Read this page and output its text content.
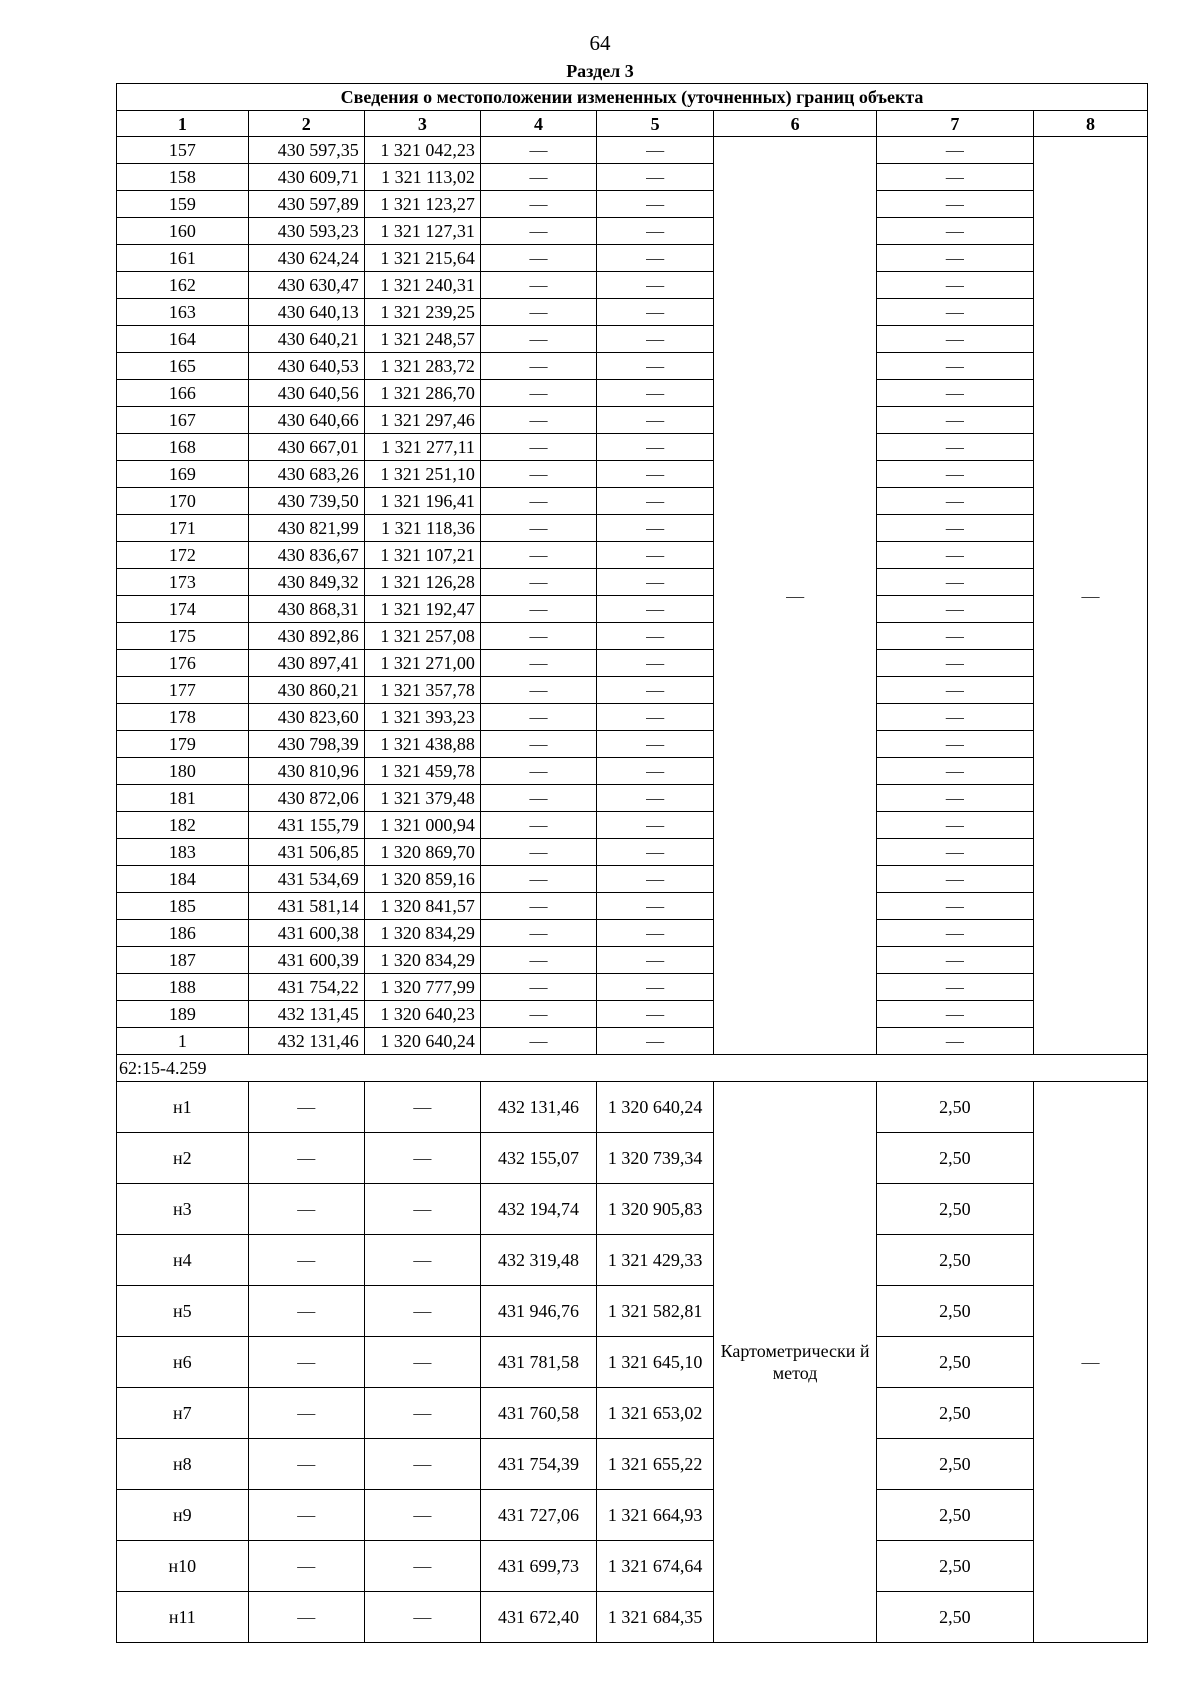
64
Раздел 3
Сведения о местоположении измененных (уточненных) границ объекта							
1	2	3	4	5	6	7	8
157	430 597,35	1 321 042,23	—	—	—	—	—
158	430 609,71	1 321 113,02	—	—		—	
159	430 597,89	1 321 123,27	—	—		—	
160	430 593,23	1 321 127,31	—	—		—	
161	430 624,24	1 321 215,64	—	—		—	
162	430 630,47	1 321 240,31	—	—		—	
163	430 640,13	1 321 239,25	—	—		—	
164	430 640,21	1 321 248,57	—	—		—	
165	430 640,53	1 321 283,72	—	—		—	
166	430 640,56	1 321 286,70	—	—		—	
167	430 640,66	1 321 297,46	—	—		—	
168	430 667,01	1 321 277,11	—	—		—	
169	430 683,26	1 321 251,10	—	—		—	
170	430 739,50	1 321 196,41	—	—		—	
171	430 821,99	1 321 118,36	—	—		—	
172	430 836,67	1 321 107,21	—	—		—	
173	430 849,32	1 321 126,28	—	—		—	
174	430 868,31	1 321 192,47	—	—		—	
175	430 892,86	1 321 257,08	—	—		—	
176	430 897,41	1 321 271,00	—	—		—	
177	430 860,21	1 321 357,78	—	—		—	
178	430 823,60	1 321 393,23	—	—		—	
179	430 798,39	1 321 438,88	—	—		—	
180	430 810,96	1 321 459,78	—	—		—	
181	430 872,06	1 321 379,48	—	—		—	
182	431 155,79	1 321 000,94	—	—		—	
183	431 506,85	1 320 869,70	—	—		—	
184	431 534,69	1 320 859,16	—	—		—	
185	431 581,14	1 320 841,57	—	—		—	
186	431 600,38	1 320 834,29	—	—		—	
187	431 600,39	1 320 834,29	—	—		—	
188	431 754,22	1 320 777,99	—	—		—	
189	432 131,45	1 320 640,23	—	—		—	
1	432 131,46	1 320 640,24	—	—		—	
62:15-4.259							
н1	—	—	432 131,46	1 320 640,24	Картометрически й метод	2,50	—
н2	—	—	432 155,07	1 320 739,34		2,50	
н3	—	—	432 194,74	1 320 905,83		2,50	
н4	—	—	432 319,48	1 321 429,33		2,50	
н5	—	—	431 946,76	1 321 582,81		2,50	
н6	—	—	431 781,58	1 321 645,10		2,50	
н7	—	—	431 760,58	1 321 653,02		2,50	
н8	—	—	431 754,39	1 321 655,22		2,50	
н9	—	—	431 727,06	1 321 664,93		2,50	
н10	—	—	431 699,73	1 321 674,64		2,50	
н11	—	—	431 672,40	1 321 684,35		2,50	
